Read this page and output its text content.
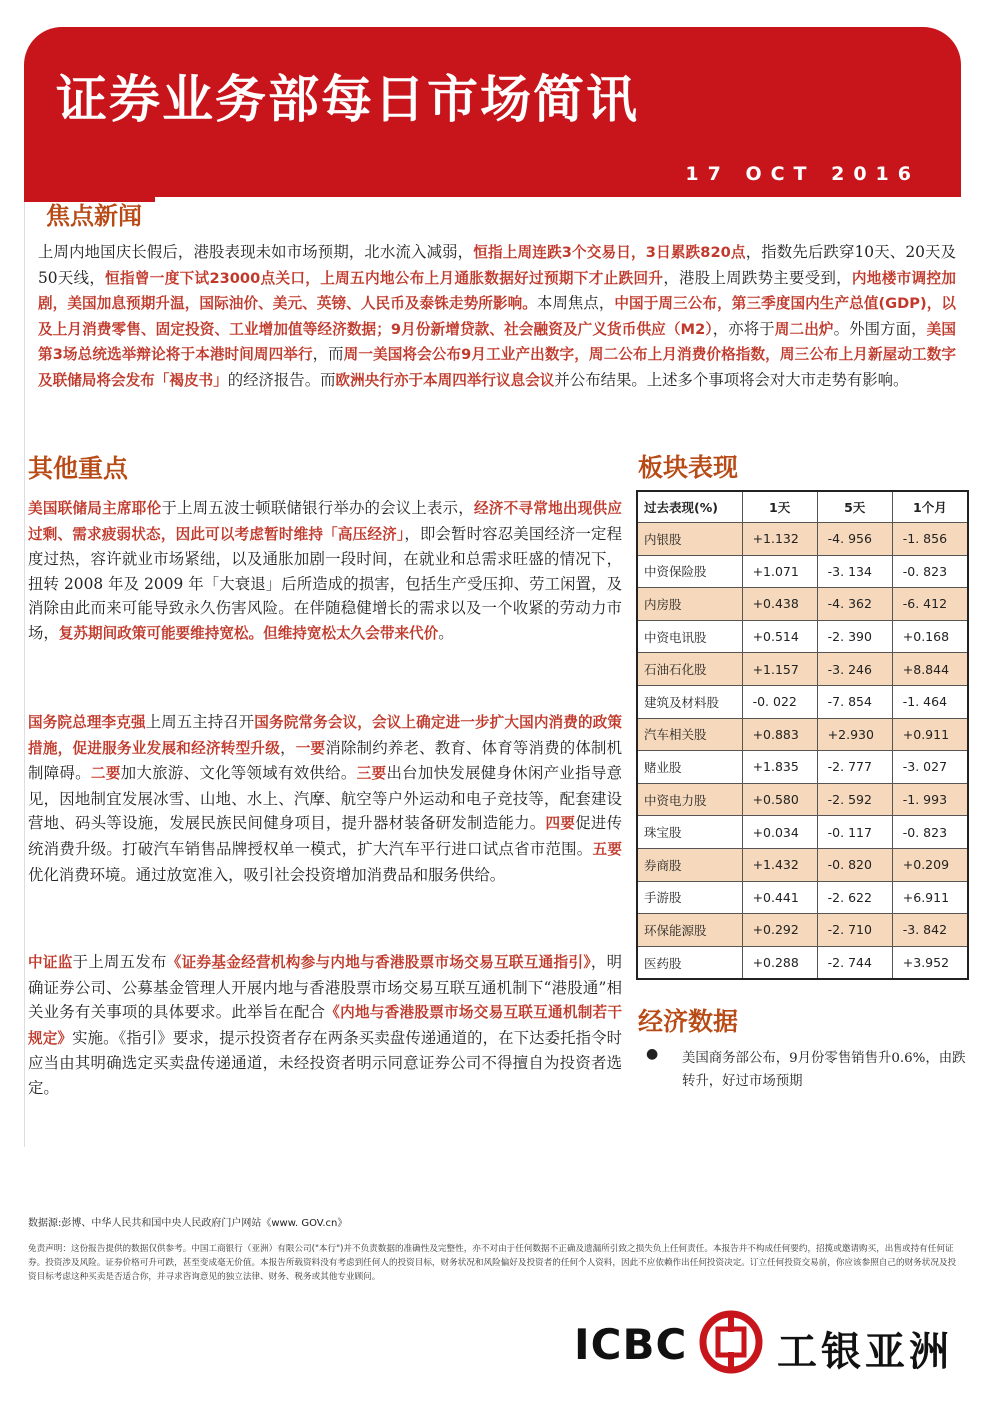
证券业务部每日市场简讯
17 OCT 2016
焦点新闻
上周内地国庆长假后，港股表现未如市场预期，北水流入减弱，恒指上周连跌3个交易日，3日累跌820点，指数先后跌穿10天、20天及50天线，恒指曾一度下试23000点关口，上周五内地公布上月通胀数据好过预期下才止跌回升，港股上周跌势主要受到，内地楼市调控加剧，美国加息预期升温，国际油价、美元、英镑、人民币及泰铢走势所影响。本周焦点，中国于周三公布，第三季度国内生产总值(GDP)，以及上月消费零售、固定投资、工业增加值等经济数据；9月份新增贷款、社会融资及广义货币供应（M2），亦将于周二出炉。外围方面，美国第3场总统选举辩论将于本港时间周四举行，而周一美国将会公布9月工业产出数字，周二公布上月消费价格指数，周三公布上月新屋动工数字及联储局将会发布「褐皮书」的经济报告。而欧洲央行亦于本周四举行议息会议并公布结果。上述多个事项将会对大市走势有影响。
其他重点
美国联储局主席耶伦于上周五波士顿联储银行举办的会议上表示，经济不寻常地出现供应过剩、需求疲弱状态，因此可以考虑暂时维持「高压经济」，即会暂时容忍美国经济一定程度过热，容许就业市场紧绌，以及通胀加剧一段时间，在就业和总需求旺盛的情况下，扭转 2008 年及 2009 年「大衰退」后所造成的损害，包括生产受压抑、劳工闲置，及消除由此而来可能导致永久伤害风险。在伴随稳健增长的需求以及一个收紧的劳动力市场，复苏期间政策可能要维持宽松。但维持宽松太久会带来代价。
国务院总理李克强上周五主持召开国务院常务会议，会议上确定进一步扩大国内消费的政策措施，促进服务业发展和经济转型升级，一要消除制约养老、教育、体育等消费的体制机制障碍。二要加大旅游、文化等领域有效供给。三要出台加快发展健身休闲产业指导意见，因地制宜发展冰雪、山地、水上、汽摩、航空等户外运动和电子竞技等，配套建设营地、码头等设施，发展民族民间健身项目，提升器材装备研发制造能力。四要促进传统消费升级。打破汽车销售品牌授权单一模式，扩大汽车平行进口试点省市范围。五要优化消费环境。通过放宽准入，吸引社会投资增加消费品和服务供给。
中证监于上周五发布《证券基金经营机构参与内地与香港股票市场交易互联互通指引》，明确证券公司、公募基金管理人开展内地与香港股票市场交易互联互通机制下“港股通”相关业务有关事项的具体要求。此举旨在配合《内地与香港股票市场交易互联互通机制若干规定》实施。《指引》要求，提示投资者存在两条买卖盘传递通道的，在下达委托指令时应当由其明确选定买卖盘传递通道，未经投资者明示同意证券公司不得擅自为投资者选定。
板块表现
过去表现(%)	1天	5天	1个月
内银股	+1.132	-4. 956	-1. 856
中资保险股	+1.071	-3. 134	-0. 823
内房股	+0.438	-4. 362	-6. 412
中资电讯股	+0.514	-2. 390	+0.168
石油石化股	+1.157	-3. 246	+8.844
建筑及材料股	-0. 022	-7. 854	-1. 464
汽车相关股	+0.883	+2.930	+0.911
赌业股	+1.835	-2. 777	-3. 027
中资电力股	+0.580	-2. 592	-1. 993
珠宝股	+0.034	-0. 117	-0. 823
券商股	+1.432	-0. 820	+0.209
手游股	+0.441	-2. 622	+6.911
环保能源股	+0.292	-2. 710	-3. 842
医药股	+0.288	-2. 744	+3.952
经济数据
● 美国商务部公布，9月份零售销售升0.6%，由跌转升，好过市场预期
数据源:彭博、中华人民共和国中央人民政府门户网站《www. GOV.cn》
免责声明：这份报告提供的数据仅供参考。中国工商银行（亚洲）有限公司("本行")并不负责数据的准确性及完整性，亦不对由于任何数据不正确及遗漏所引致之损失负上任何责任。本报告并不构成任何要约，招揽或邀请购买，出售或持有任何证券。投资涉及风险。证券价格可升可跌，甚至变成毫无价值。本报告所载资料没有考虑到任何人的投资目标，财务状况和风险偏好及投资者的任何个人资料，因此不应依赖作出任何投资决定。订立任何投资交易前，你应该参照自己的财务状况及投资目标考虑这种买卖是否适合你，并寻求咨询意见的独立法律、财务、税务或其他专业顾问。
ICBC 工银亚洲
